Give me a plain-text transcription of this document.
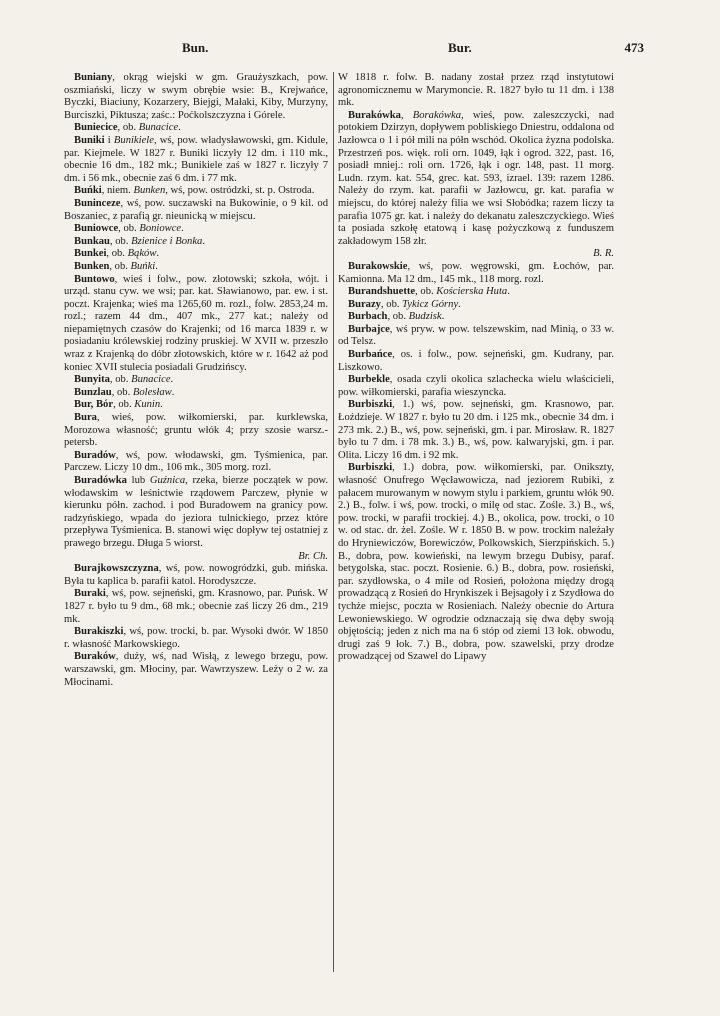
Bun.	Bur.	473

Buniany, okrąg wiejski w gm. Graużyszkach, pow. oszmiański, liczy w swym obrębie wsie: B., Krejwańce, Byczki, Biaciuny, Kozarzery, Biejgi, Małaki, Kiby, Murzyny, Burciszki, Piktusza; zaśc.: Poćkolszczyzna i Górele.

Buniecice, ob. Bunacice.

Buniki i Bunikiele, wś, pow. władysławowski, gm. Kidule, par. Kiejmele. W 1827 r. Buniki liczyły 12 dm. i 110 mk., obecnie 16 dm., 182 mk.; Bunikiele zaś w 1827 r. liczyły 7 dm. i 56 mk., obecnie zaś 6 dm. i 77 mk.

Buńki, niem. Bunken, wś, pow. ostródzki, st. p. Ostroda.

Buninceze, wś, pow. suczawski na Bukowinie, o 9 kil. od Boszaniec, z parafią gr. nieunicką w miejscu.

Buniowce, ob. Boniowce.

Bunkau, ob. Bzienice i Bonka.

Bunkei, ob. Bąków.

Bunken, ob. Buńki.

Buntowo, wieś i folw., pow. złotowski; szkoła, wójt. i urząd. stanu cyw. we wsi; par. kat. Sławianowo, par. ew. i st. poczt. Krajenka; wieś ma 1265,60 m. rozl., folw. 2853,24 m. rozl.; razem 44 dm., 407 mk., 277 kat.; należy od niepamiętnych czasów do Krajenki; od 16 marca 1839 r. w posiadaniu królewskiej rodziny pruskiej. W XVII w. przeszło wraz z Krajenką do dóbr złotowskich, które w r. 1642 aż pod koniec XVII stulecia posiadali Grudzińscy.

Bunyita, ob. Bunacice.

Bunzlau, ob. Bolesław.

Bur, Bór, ob. Kunin.

Bura, wieś, pow. wiłkomierski, par. kurklewska, Morozowa własność; gruntu włók 4; przy szosie warsz.-petersb.

Buradów, wś, pow. włodawski, gm. Tyśmienica, par. Parczew. Liczy 10 dm., 106 mk., 305 morg. rozl.

Buradówka lub Guźnica, rzeka, bierze początek w pow. włodawskim w leśnictwie rządowem Parczew, płynie w kierunku półn. zachod. i pod Buradowem na granicy pow. radzyńskiego, wpada do jeziora tulnickiego, przez które przepływa Tyśmienica. B. stanowi więc dopływ tej ostatniej z prawego brzegu. Długa 5 wiorst.
Br. Ch.

Burajkowszczyzna, wś, pow. nowogródzki, gub. mińska. Była tu kaplica b. parafii katol. Horodyszcze.

Buraki, wś, pow. sejneński, gm. Krasnowo, par. Puńsk. W 1827 r. było tu 9 dm., 68 mk.; obecnie zaś liczy 26 dm., 219 mk.

Burakiszki, wś, pow. trocki, b. par. Wysoki dwór. W 1850 r. własność Markowskiego.

Buraków, duży, wś, nad Wisłą, z lewego brzegu, pow. warszawski, gm. Młociny, par. Wawrzyszew. Leży o 2 w. za Młocinami.

W 1818 r. folw. B. nadany został przez rząd instytutowi agronomicznemu w Marymoncie. R. 1827 było tu 11 dm. i 138 mk.

Burakówka, Borakówka, wieś, pow. zaleszczycki, nad potokiem Dzirzyn, dopływem pobliskiego Dniestru, oddalona od Jazłowca o 1 i pół mili na półn wschód. Okolica żyzna podolska. Przestrzeń pos. więk. roli orn. 1049, łąk i ogrod. 322, past. 16, posiadł mniej.: roli orn. 1726, łąk i ogr. 148, past. 11 morg. Ludn. rzym. kat. 554, grec. kat. 593, izrael. 139: razem 1286. Należy do rzym. kat. parafii w Jazłowcu, gr. kat. parafia w miejscu, do której należy filia we wsi Słobódka; razem liczy ta parafia 1075 gr. kat. i należy do dekanatu zaleszczyckiego. Wieś ta posiada szkołę etatową i kasę pożyczkową z funduszem zakładowym 158 złr.
B. R.

Burakowskie, wś, pow. węgrowski, gm. Łochów, par. Kamionna. Ma 12 dm., 145 mk., 118 morg. rozl.

Burandshuette, ob. Kościerska Huta.

Burazy, ob. Tykicz Górny.

Burbach, ob. Budzisk.

Burbajce, wś pryw. w pow. telszewskim, nad Minią, o 33 w. od Telsz.

Burbańce, os. i folw., pow. sejneński, gm. Kudrany, par. Liszkowo.

Burbekle, osada czyli okolica szlachecka wielu właścicieli, pow. wiłkomierski, parafia wieszyncka.

Burbiszki, 1.) wś, pow. sejneński, gm. Krasnowo, par. Łoździeje. W 1827 r. było tu 20 dm. i 125 mk., obecnie 34 dm. i 273 mk. 2.) B., wś, pow. sejneński, gm. i par. Mirosław. R. 1827 było tu 7 dm. i 78 mk. 3.) B., wś, pow. kalwaryjski, gm. i par. Olita. Liczy 16 dm. i 92 mk.

Burbiszki, 1.) dobra, pow. wiłkomierski, par. Onikszty, własność Onufrego Węcławowicza, nad jeziorem Rubiki, z pałacem murowanym w nowym stylu i parkiem, gruntu włók 90. 2.) B., folw. i wś, pow. trocki, o milę od stac. Zośle. 3.) B., wś, pow. trocki, w parafii trockiej. 4.) B., okolica, pow. trocki, o 10 w. od stac. dr. żel. Zośle. W r. 1850 B. w pow. trockim należały do Hryniewiczów, Borewiczów, Polkowskich, Sierzpińskich. 5.) B., dobra, pow. kowieński, na lewym brzegu Dubisy, paraf. betygolska, stac. poczt. Rosienie. 6.) B., dobra, pow. rosieński, par. szydłowska, o 4 mile od Rosień, położona między drogą prowadzącą z Rosień do Hrynkiszek i Bejsagoły i z Szydłowa do tychże miejsc, poczta w Rosieniach. Należy obecnie do Artura Lewoniewskiego. W ogrodzie odznaczają się dwa dęby swoją objętością; jeden z nich ma na 6 stóp od ziemi 13 łok. obwodu, drugi zaś 9 łok. 7.) B., dobra, pow. szawelski, przy drodze prowadzącej od Szawel do Lipawy
